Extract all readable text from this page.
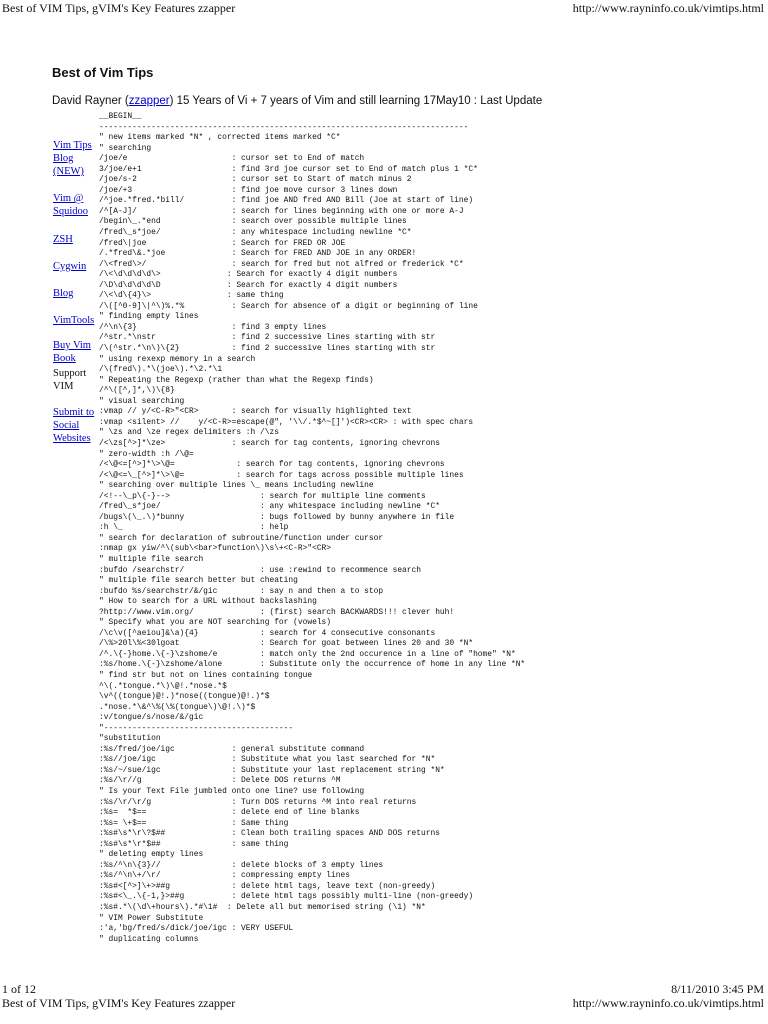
Best of VIM Tips, gVIM's Key Features zzapper	http://www.rayninfo.co.uk/vimtips.html
Best of Vim Tips
David Rayner (zzapper) 15 Years of Vi + 7 years of Vim and still learning 17May10 : Last Update
Vim Tips
Blog (NEW)
Vim @ Squidoo
ZSH
Cygwin
Blog
VimTools
Buy Vim Book
Support VIM
Submit to Social Websites
__BEGIN__
------------------------------------------------------------------------------
" new items marked *N* , corrected items marked *C*
" searching
/joe/e                      : cursor set to End of match
3/joe/e+1                   : find 3rd joe cursor set to End of match plus 1 *C*
/joe/s-2                    : cursor set to Start of match minus 2
/joe/+3                     : find joe move cursor 3 lines down
/^joe.*fred.*bill/          : find joe AND fred AND Bill (Joe at start of line)
/^[A-J]/                    : search for lines beginning with one or more A-J
/begin\_.*end               : search over possible multiple lines
/fred\_s*joe/               : any whitespace including newline *C*
/fred\|joe                  : Search for FRED OR JOE
/.*fred\&.*joe              : Search for FRED AND JOE in any ORDER!
/\<fred\>/                  : search for fred but not alfred or frederick *C*
/\<\d\d\d\d\>              : Search for exactly 4 digit numbers
/\D\d\d\d\d\D              : Search for exactly 4 digit numbers
/\<\d\{4}\>                : same thing
/\([^0-9]\|^\)%.*%          : Search for absence of a digit or beginning of line
" finding empty lines
/^\n\{3}                    : find 3 empty lines
/^str.*\nstr                : find 2 successive lines starting with str
/\(^str.*\n\)\{2}           : find 2 successive lines starting with str
" using rexexp memory in a search
/\(fred\).*\(joe\).*\2.*\1
" Repeating the Regexp (rather than what the Regexp finds)
/^\([^,]*,\)\{8}
" visual searching
:vmap // y/<C-R>"<CR>       : search for visually highlighted text
:vmap <silent> //    y/<C-R>=escape(@", '\\/.*$^~[]')<CR><CR> : with spec chars
" \zs and \ze regex delimiters :h /\zs
/<\zs[^>]*\ze>              : search for tag contents, ignoring chevrons
" zero-width :h /\@=
/<\@<=[^>]*\>\@=             : search for tag contents, ignoring chevrons
/<\@<=\_[^>]*\>\@=           : search for tags across possible multiple lines
" searching over multiple lines \_ means including newline
/<!--\_p\{-}-->                   : search for multiple line comments
/fred\_s*joe/                     : any whitespace including newline *C*
/bugs\(\_.\)*bunny                : bugs followed by bunny anywhere in file
:h \_                             : help
" search for declaration of subroutine/function under cursor
:nmap gx yiw/^\(sub\<bar>function\)\s\+<C-R>"<CR>
" multiple file search
:bufdo /searchstr/                : use :rewind to recommence search
" multiple file search better but cheating
:bufdo %s/searchstr/&/gic         : say n and then a to stop
" How to search for a URL without backslashing
?http://www.vim.org/              : (first) search BACKWARDS!!! clever huh!
" Specify what you are NOT searching for (vowels)
/\c\v([^aeiou]&\a){4}             : search for 4 consecutive consonants
/\%>20l\%<30lgoat                 : Search for goat between lines 20 and 30 *N*
/^.\{-}home.\{-}\zshome/e         : match only the 2nd occurence in a line of "home" *N*
:%s/home.\{-}\zshome/alone        : Substitute only the occurrence of home in any line *N*
" find str but not on lines containing tongue
^\(.*tongue.*\)\@!.*nose.*$
\v^((tongue)@!.)*nose((tongue)@!.)*$
.*nose.*\&^\%(\%(tongue\)\@!.\)*$
:v/tongue/s/nose/&/gic
"----------------------------------------
"substitution
:%s/fred/joe/igc            : general substitute command
:%s//joe/igc                : Substitute what you last searched for *N*
:%s/~/sue/igc               : Substitute your last replacement string *N*
:%s/\r//g                   : Delete DOS returns ^M
" Is your Text File jumbled onto one line? use following
:%s/\r/\r/g                 : Turn DOS returns ^M into real returns
:%s=  *$==                  : delete end of line blanks
:%s= \+$==                  : Same thing
:%s#\s*\r\?$##              : Clean both trailing spaces AND DOS returns
:%s#\s*\r*$##               : same thing
" deleting empty lines
:%s/^\n\{3}//               : delete blocks of 3 empty lines
:%s/^\n\+/\r/               : compressing empty lines
:%s#<[^>]\+>##g             : delete html tags, leave text (non-greedy)
:%s#<\_.\{-1,}>##g          : delete html tags possibly multi-line (non-greedy)
:%s#.*\(\d\+hours\).*#\1#  : Delete all but memorised string (\1) *N*
" VIM Power Substitute
:'a,'bg/fred/s/dick/joe/igc : VERY USEFUL
" duplicating columns
1 of 12	8/11/2010 3:45 PM
Best of VIM Tips, gVIM's Key Features zzapper	http://www.rayninfo.co.uk/vimtips.html
